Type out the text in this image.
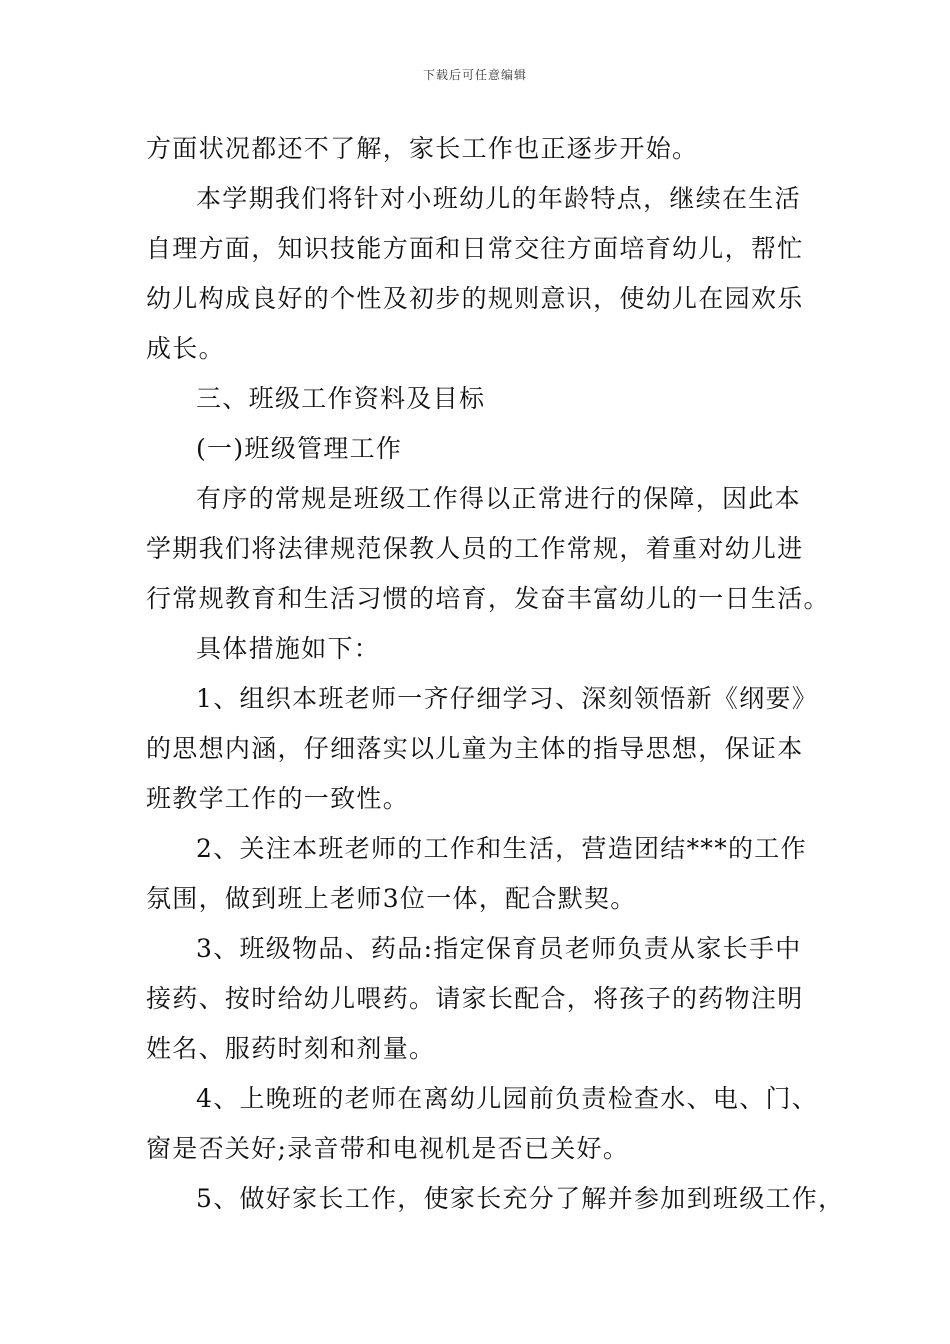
下载后可任意编辑
方面状况都还不了解，家长工作也正逐步开始。
本学期我们将针对小班幼儿的年龄特点，继续在生活
自理方面，知识技能方面和日常交往方面培育幼儿，帮忙
幼儿构成良好的个性及初步的规则意识，使幼儿在园欢乐
成长。
三、班级工作资料及目标
(一)班级管理工作
有序的常规是班级工作得以正常进行的保障，因此本
学期我们将法律规范保教人员的工作常规，着重对幼儿进
行常规教育和生活习惯的培育，发奋丰富幼儿的一日生活。
具体措施如下：
1、组织本班老师一齐仔细学习、深刻领悟新《纲要》
的思想内涵，仔细落实以儿童为主体的指导思想，保证本
班教学工作的一致性。
2、关注本班老师的工作和生活，营造团结***的工作
氛围，做到班上老师3位一体，配合默契。
3、班级物品、药品:指定保育员老师负责从家长手中
接药、按时给幼儿喂药。请家长配合，将孩子的药物注明
姓名、服药时刻和剂量。
4、上晚班的老师在离幼儿园前负责检查水、电、门、
窗是否关好;录音带和电视机是否已关好。
5、做好家长工作，使家长充分了解并参加到班级工作，
